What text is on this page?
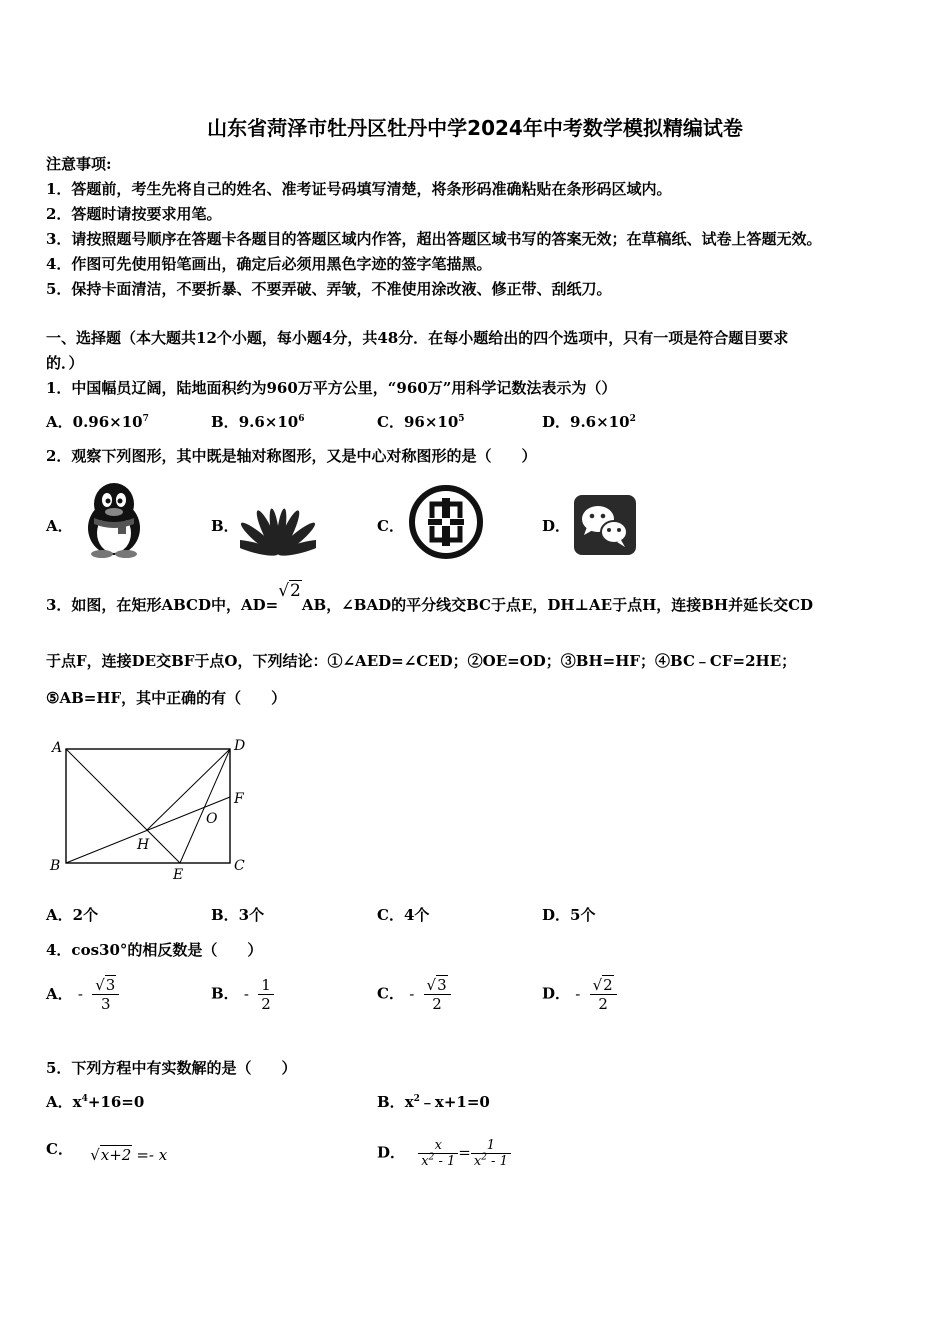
山东省菏泽市牡丹区牡丹中学2024年中考数学模拟精编试卷
注意事项:
1．答题前，考生先将自己的姓名、准考证号码填写清楚，将条形码准确粘贴在条形码区域内。
2．答题时请按要求用笔。
3．请按照题号顺序在答题卡各题目的答题区域内作答，超出答题区域书写的答案无效；在草稿纸、试卷上答题无效。
4．作图可先使用铅笔画出，确定后必须用黑色字迹的签字笔描黑。
5．保持卡面清洁，不要折暴、不要弄破、弄皱，不准使用涂改液、修正带、刮纸刀。
一、选择题（本大题共12个小题，每小题4分，共48分．在每小题给出的四个选项中，只有一项是符合题目要求
的．）
1．中国幅员辽阔，陆地面积约为960万平方公里，“960万”用科学记数法表示为（）
A．$0.96\times 10^7$	B．$9.6\times 10^6$	C．$96\times 10^5$	D．$9.6\times 10^2$
2．观察下列图形，其中既是轴对称图形，又是中心对称图形的是（　　）
A．	B．	C．	D．
3．如图，在矩形ABCD中，AD=√2AB，∠BAD的平分线交BC于点E，DH⊥AE于点H，连接BH并延长交CD
于点F，连接DE交BF于点O，下列结论：①∠AED=∠CED；②OE=OD；③BH=HF；④BC﹣CF=2HE；
⑤AB=HF，其中正确的有（　　）
A	D
B	C
E
F
H
O
A．2个	B．3个	C．4个	D．5个
4．cos30°的相反数是（　　）
A． - $\frac{√3}{3}$	B． - $\frac{1}{2}$	C． - $\frac{√3}{2}$	D． - $\frac{√2}{2}$
5．下列方程中有实数解的是（　　）
A．$x^4+16=0$	B．$x^2﹣x+1=0$
C． √x+2 =- x	D． $\frac{x}{x^2 - 1} = \frac{1}{x^2 - 1}$
